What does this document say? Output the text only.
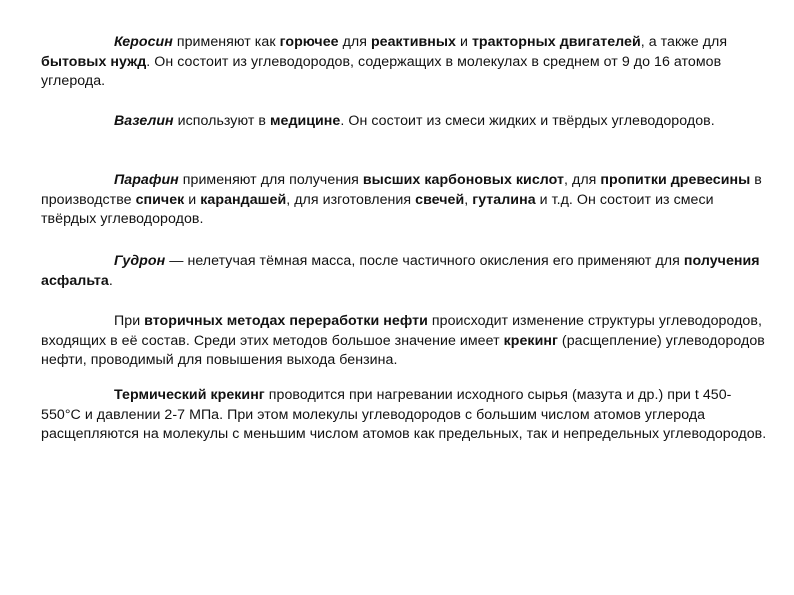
Керосин применяют как горючее для реактивных и тракторных двигателей, а также для бытовых нужд. Он состоит из углеводородов, содержащих в молекулах в среднем от 9 до 16 атомов углерода.

Вазелин используют в медицине. Он состоит из смеси жидких и твёрдых углеводородов.

Парафин применяют для получения высших карбоновых кислот, для пропитки древесины в производстве спичек и карандашей, для изготовления свечей, гуталина и т.д. Он состоит из смеси твёрдых углеводородов.

Гудрон — нелетучая тёмная масса, после частичного окисления его применяют для получения асфальта.

При вторичных методах переработки нефти происходит изменение структуры углеводородов, входящих в её состав. Среди этих методов большое значение имеет крекинг (расщепление) углеводородов нефти, проводимый для повышения выхода бензина.

Термический крекинг проводится при нагревании исходного сырья (мазута и др.) при t 450-550°С и давлении 2-7 МПа. При этом молекулы углеводородов с большим числом атомов углерода расщепляются на молекулы с меньшим числом атомов как предельных, так и непредельных углеводородов.
